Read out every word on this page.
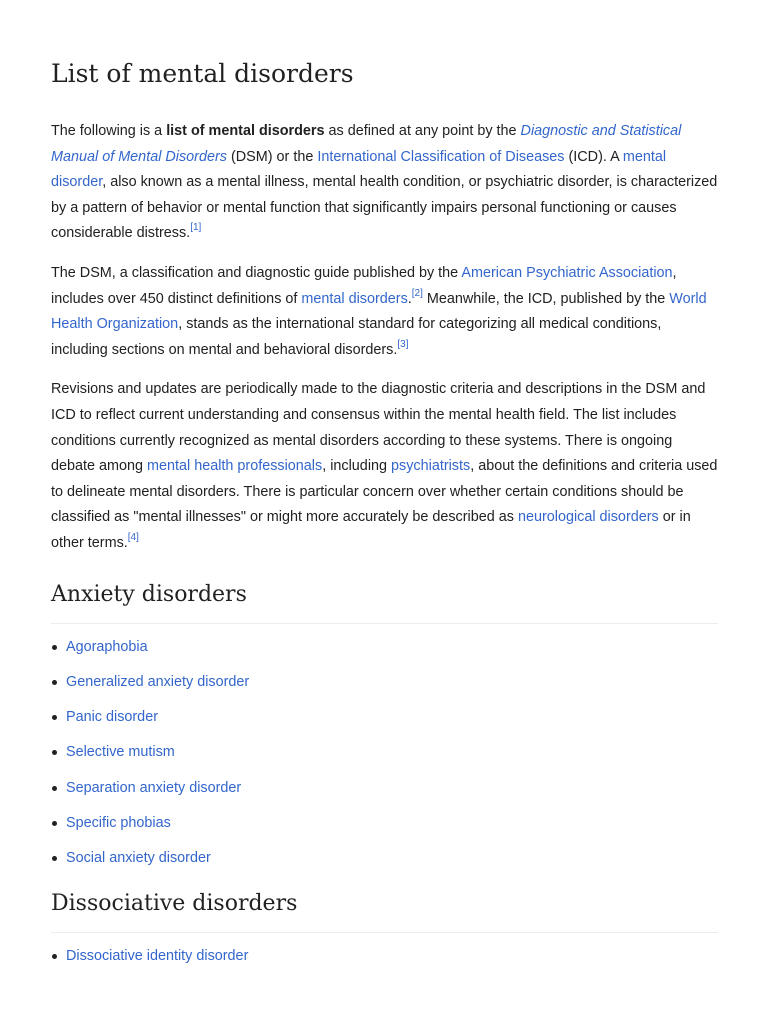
List of mental disorders

The following is a list of mental disorders as defined at any point by the Diagnostic and Statistical Manual of Mental Disorders (DSM) or the International Classification of Diseases (ICD). A mental disorder, also known as a mental illness, mental health condition, or psychiatric disorder, is characterized by a pattern of behavior or mental function that significantly impairs personal functioning or causes considerable distress.[1]

The DSM, a classification and diagnostic guide published by the American Psychiatric Association, includes over 450 distinct definitions of mental disorders.[2] Meanwhile, the ICD, published by the World Health Organization, stands as the international standard for categorizing all medical conditions, including sections on mental and behavioral disorders.[3]

Revisions and updates are periodically made to the diagnostic criteria and descriptions in the DSM and ICD to reflect current understanding and consensus within the mental health field. The list includes conditions currently recognized as mental disorders according to these systems. There is ongoing debate among mental health professionals, including psychiatrists, about the definitions and criteria used to delineate mental disorders. There is particular concern over whether certain conditions should be classified as "mental illnesses" or might more accurately be described as neurological disorders or in other terms.[4]

Anxiety disorders
Agoraphobia
Generalized anxiety disorder
Panic disorder
Selective mutism
Separation anxiety disorder
Specific phobias
Social anxiety disorder
Dissociative disorders
Dissociative identity disorder
